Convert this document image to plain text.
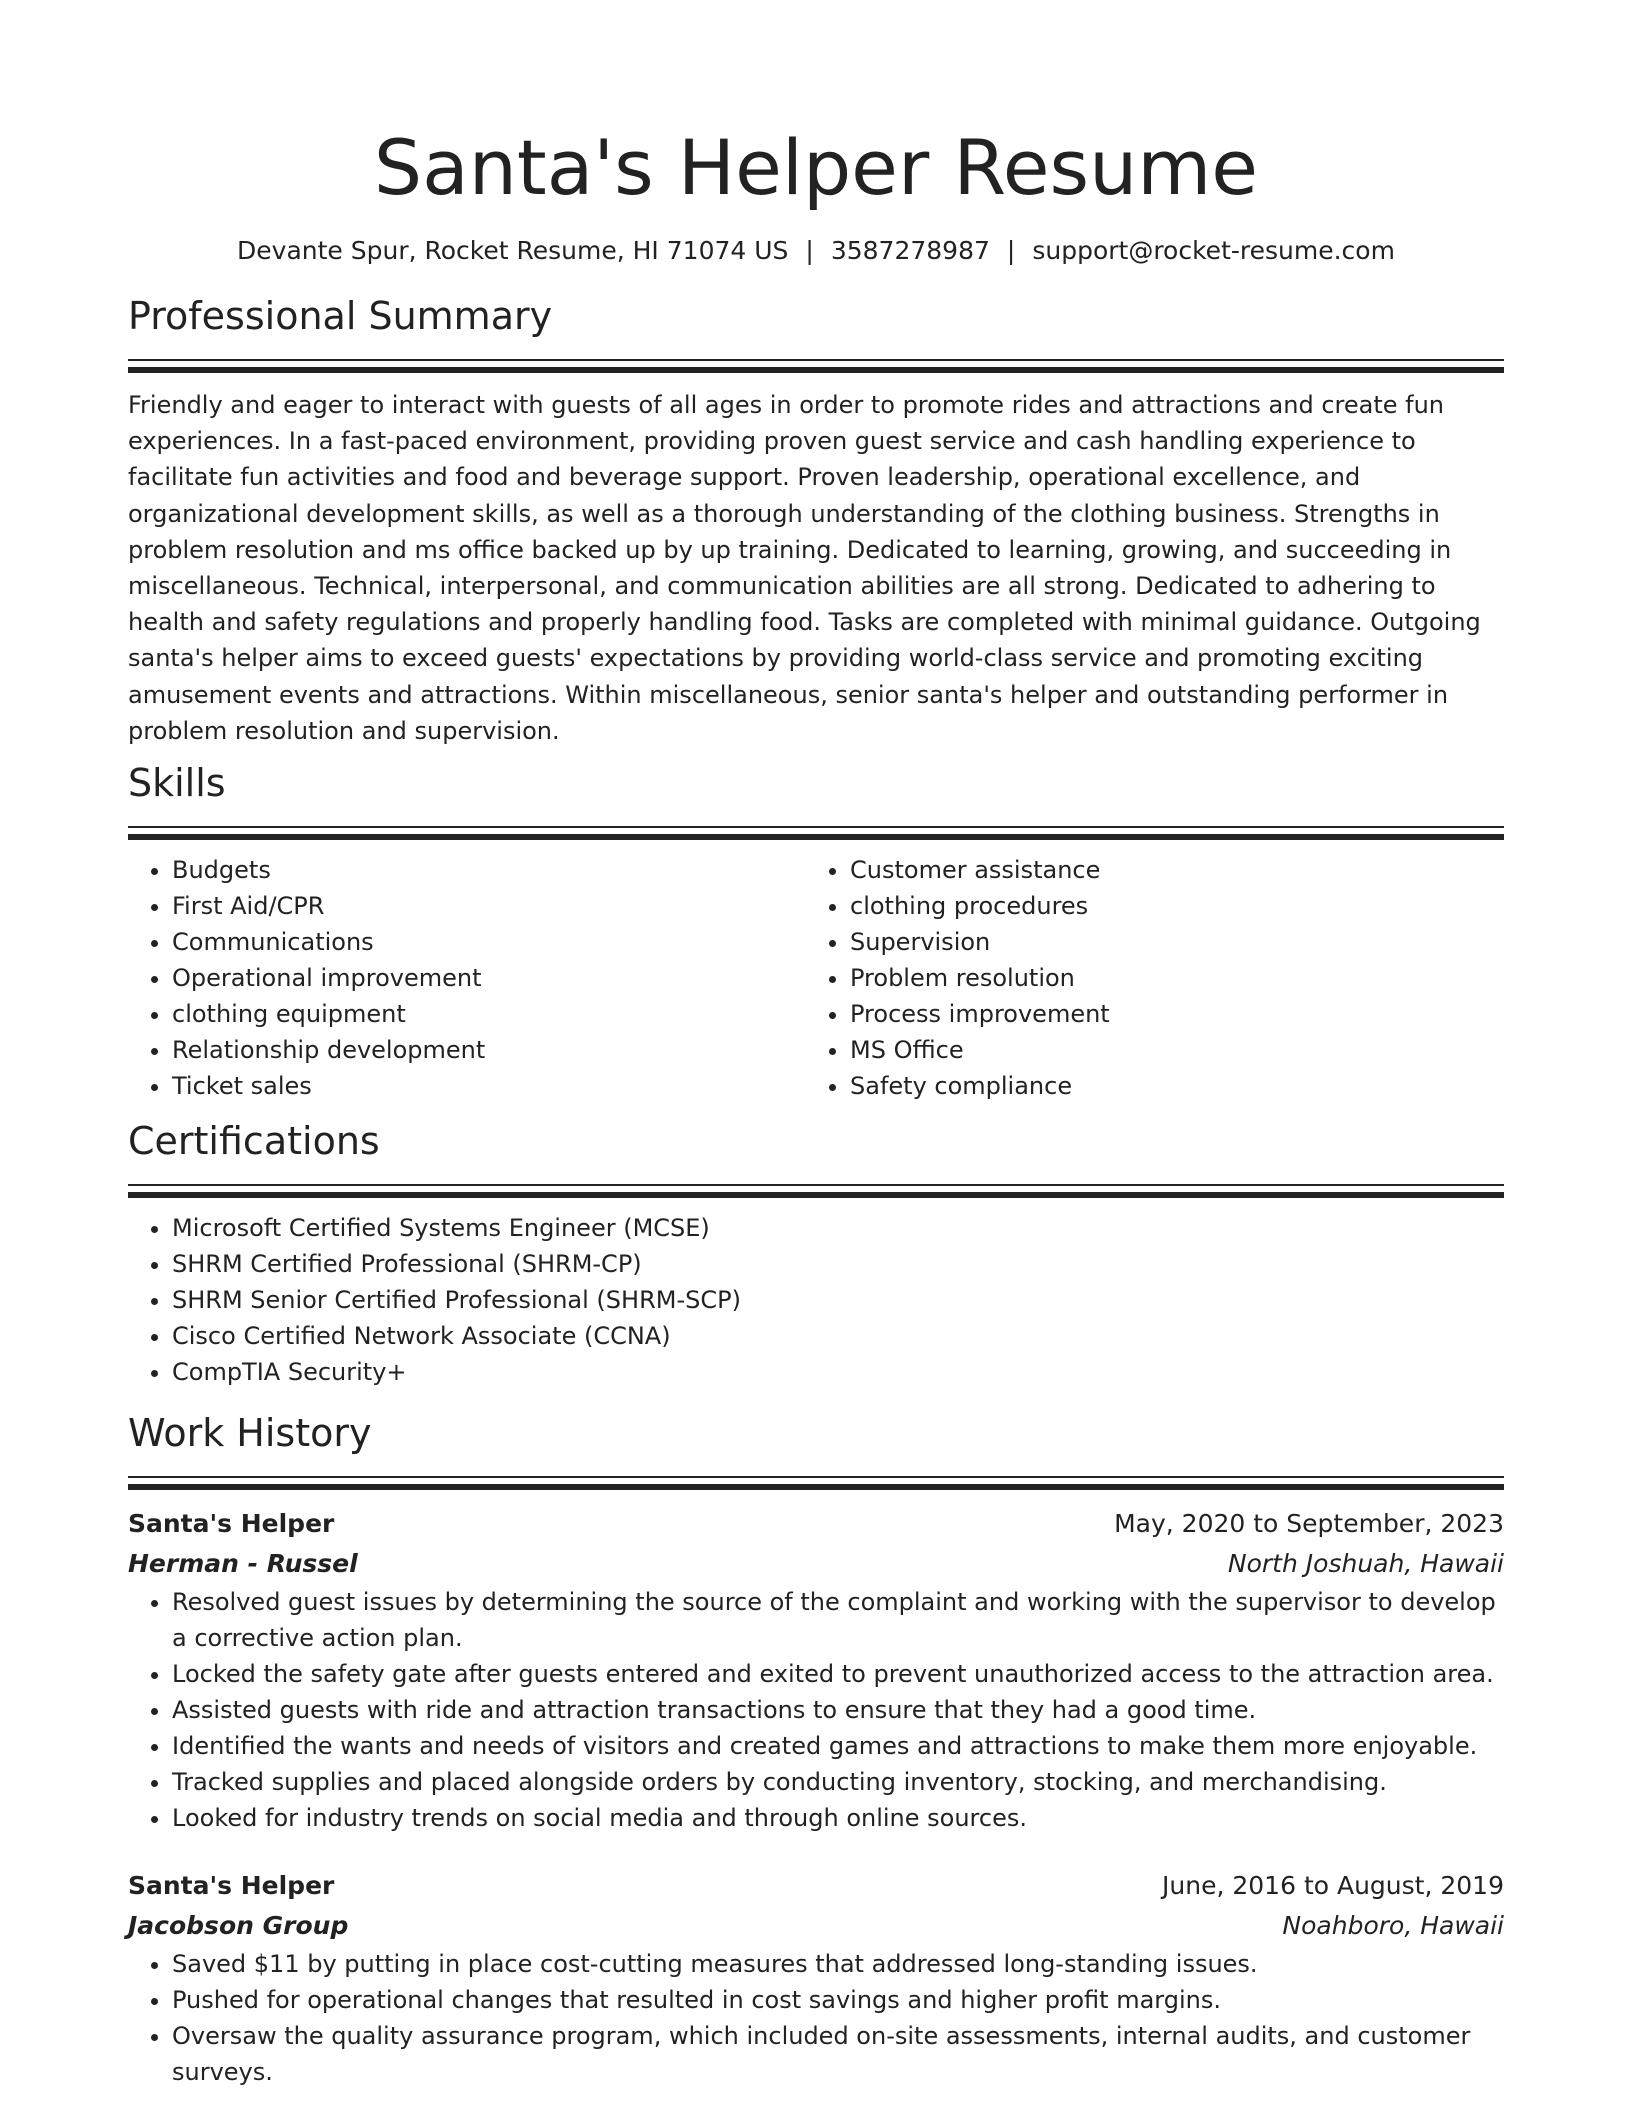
Santa's Helper Resume
Devante Spur, Rocket Resume, HI 71074 US | 3587278987 | support@rocket-resume.com
Professional Summary

Friendly and eager to interact with guests of all ages in order to promote rides and attractions and create fun experiences. In a fast-paced environment, providing proven guest service and cash handling experience to facilitate fun activities and food and beverage support. Proven leadership, operational excellence, and organizational development skills, as well as a thorough understanding of the clothing business. Strengths in problem resolution and ms office backed up by up training. Dedicated to learning, growing, and succeeding in miscellaneous. Technical, interpersonal, and communication abilities are all strong. Dedicated to adhering to health and safety regulations and properly handling food. Tasks are completed with minimal guidance. Outgoing santa's helper aims to exceed guests' expectations by providing world-class service and promoting exciting amusement events and attractions. Within miscellaneous, senior santa's helper and outstanding performer in problem resolution and supervision.

Skills
• Budgets
• First Aid/CPR
• Communications
• Operational improvement
• clothing equipment
• Relationship development
• Ticket sales
• Customer assistance
• clothing procedures
• Supervision
• Problem resolution
• Process improvement
• MS Office
• Safety compliance
Certifications
• Microsoft Certified Systems Engineer (MCSE)
• SHRM Certified Professional (SHRM-CP)
• SHRM Senior Certified Professional (SHRM-SCP)
• Cisco Certified Network Associate (CCNA)
• CompTIA Security+
Work History
Santa's Helper	May, 2020 to September, 2023
Herman - Russel	North Joshuah, Hawaii
• Resolved guest issues by determining the source of the complaint and working with the supervisor to develop a corrective action plan.
• Locked the safety gate after guests entered and exited to prevent unauthorized access to the attraction area.
• Assisted guests with ride and attraction transactions to ensure that they had a good time.
• Identified the wants and needs of visitors and created games and attractions to make them more enjoyable.
• Tracked supplies and placed alongside orders by conducting inventory, stocking, and merchandising.
• Looked for industry trends on social media and through online sources.
Santa's Helper	June, 2016 to August, 2019
Jacobson Group	Noahboro, Hawaii
• Saved $11 by putting in place cost-cutting measures that addressed long-standing issues.
• Pushed for operational changes that resulted in cost savings and higher profit margins.
• Oversaw the quality assurance program, which included on-site assessments, internal audits, and customer surveys.
